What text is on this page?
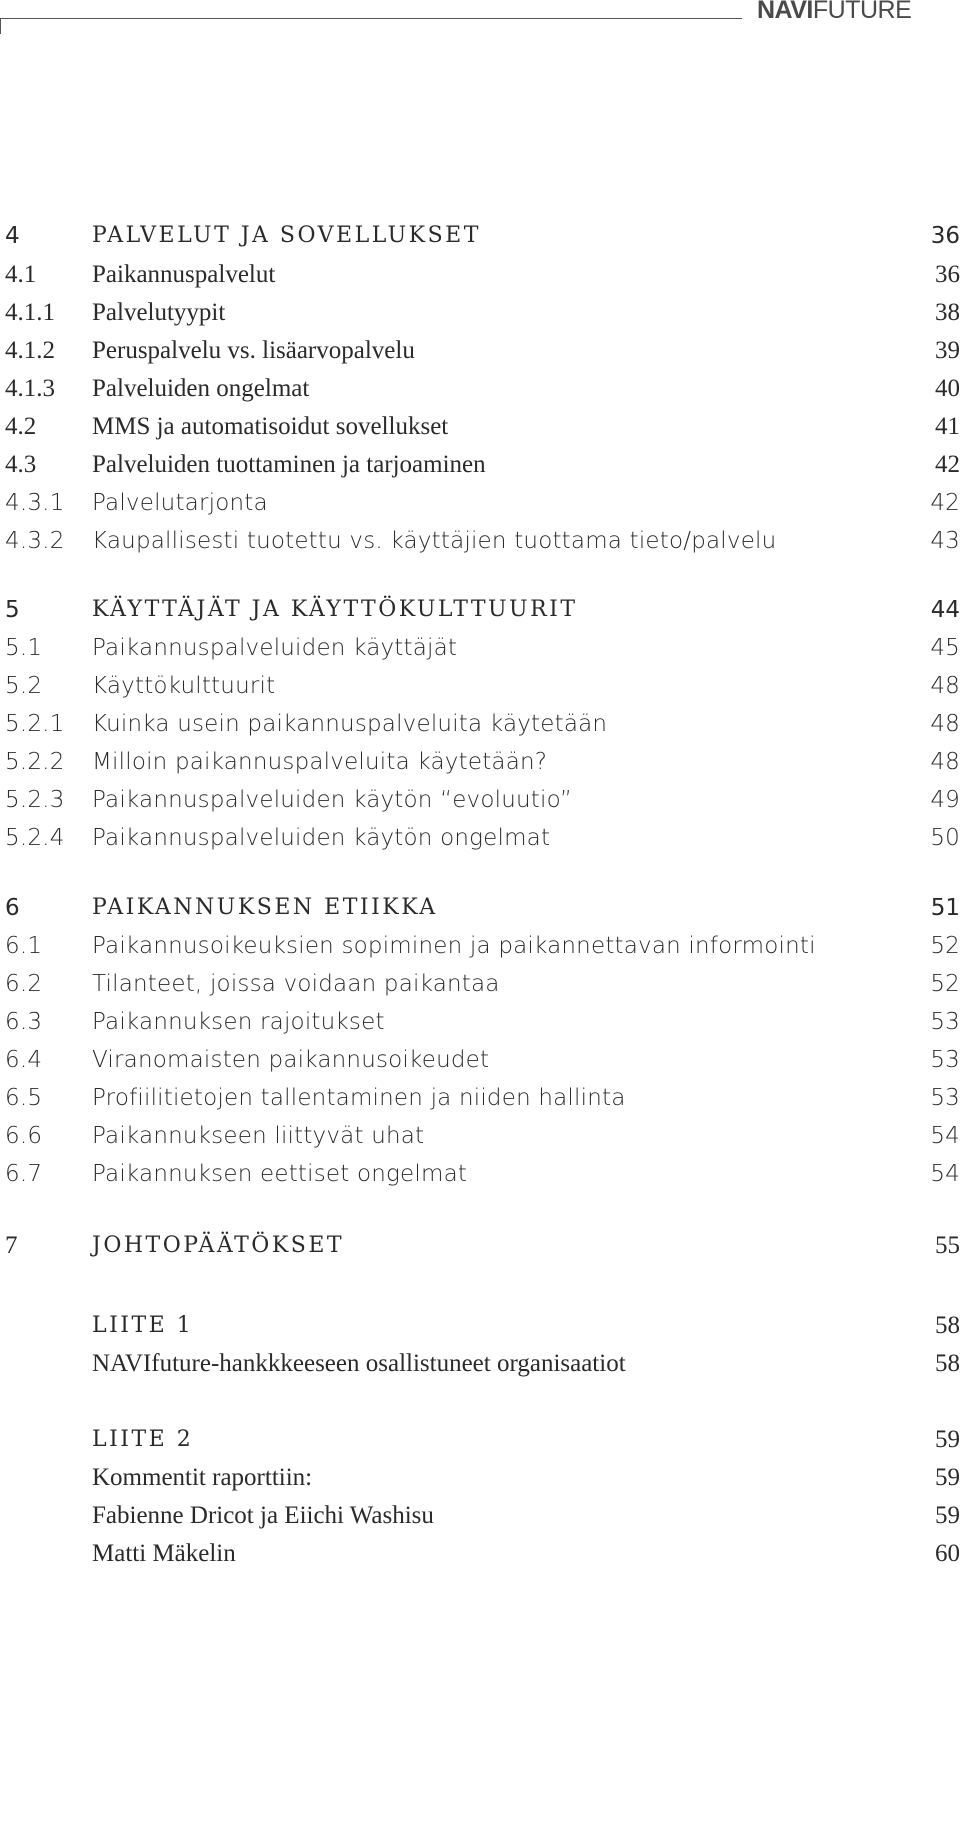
NAVIFUTURE
4	PALVELUT JA SOVELLUKSET	36
4.1 Paikannuspalvelut	36
4.1.1 Palvelutyypit	38
4.1.2 Peruspalvelu vs. lisäarvopalvelu	39
4.1.3 Palveluiden ongelmat	40
4.2 MMS ja automatisoidut sovellukset	41
4.3 Palveluiden tuottaminen ja tarjoaminen	42
4.3.1 Palvelutarjonta	42
4.3.2 Kaupallisesti tuotettu vs. käyttäjien tuottama tieto/palvelu	43
5	KÄYTTÄJÄT JA KÄYTTÖKULTTUURIT	44
5.1 Paikannuspalveluiden käyttäjät	45
5.2 Käyttökulttuurit	48
5.2.1 Kuinka usein paikannuspalveluita käytetään	48
5.2.2 Milloin paikannuspalveluita käytetään?	48
5.2.3 Paikannuspalveluiden käytön “evoluutio”	49
5.2.4 Paikannuspalveluiden käytön ongelmat	50
6	PAIKANNUKSEN ETIIKKA	51
6.1 Paikannusoikeuksien sopiminen ja paikannettavan informointi	52
6.2 Tilanteet, joissa voidaan paikantaa	52
6.3 Paikannuksen rajoitukset	53
6.4 Viranomaisten paikannusoikeudet	53
6.5 Profiilitietojen tallentaminen ja niiden hallinta	53
6.6 Paikannukseen liittyvät uhat	54
6.7 Paikannuksen eettiset ongelmat	54
7	JOHTOPÄÄTÖKSET	55
LIITE 1	58
NAVIfuture-hankkkeeseen osallistuneet organisaatiot	58
LIITE 2	59
Kommentit raporttiin:	59
Fabienne Dricot ja Eiichi Washisu	59
Matti Mäkelin	60
